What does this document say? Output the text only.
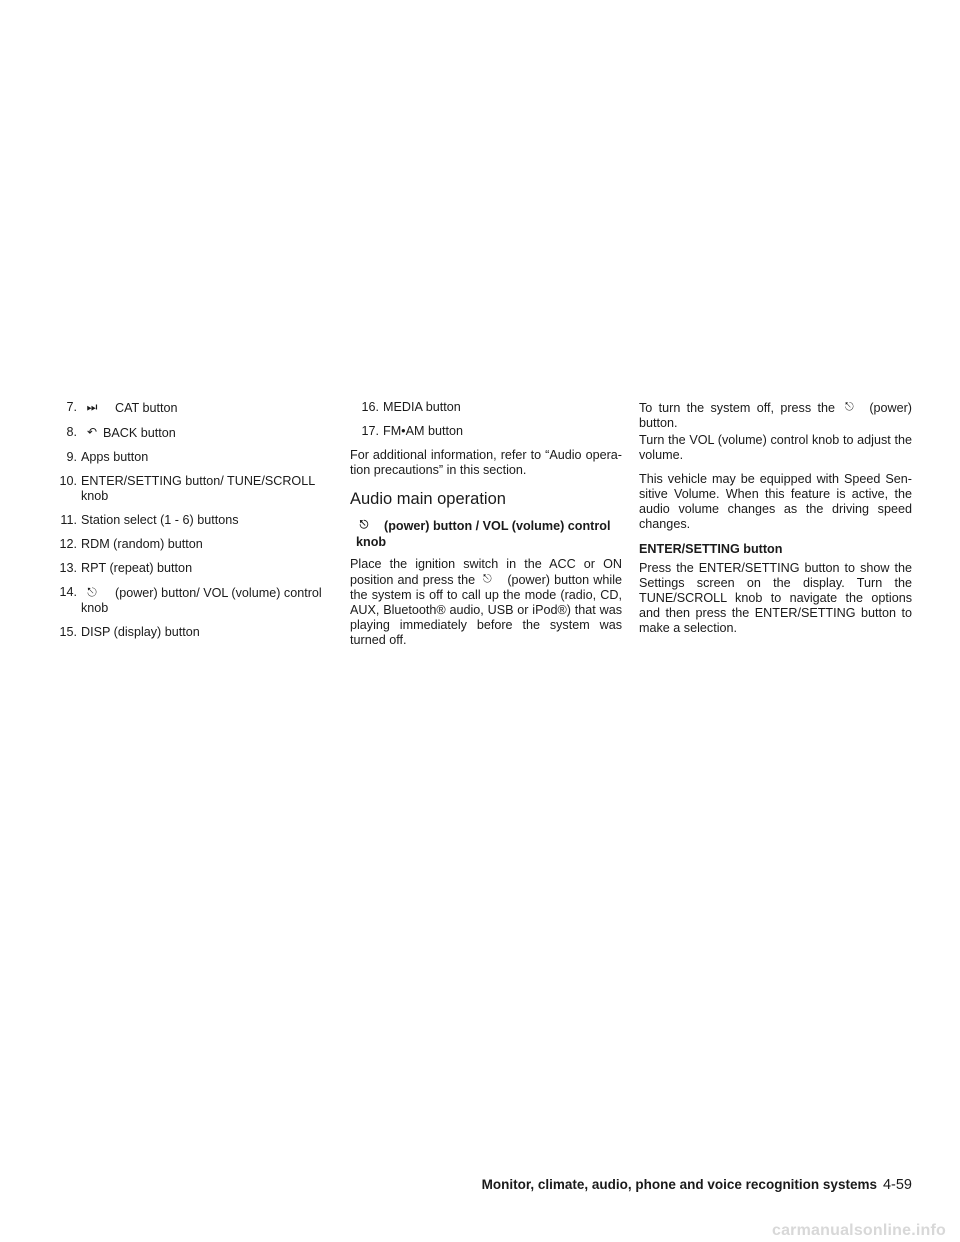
7. ⏭ CAT button
8. ↶ BACK button
9. Apps button
10. ENTER/SETTING button/ TUNE/SCROLL knob
11. Station select (1 - 6) buttons
12. RDM (random) button
13. RPT (repeat) button
14. ⎋ (power) button/ VOL (volume) control knob
15. DISP (display) button
16. MEDIA button
17. FM•AM button

For additional information, refer to “Audio opera- tion precautions” in this section.

Audio main operation
⎋ (power) button / VOL (volume) control knob

Place the ignition switch in the ACC or ON position and press the ⎋ (power) button while the system is off to call up the mode (radio, CD, AUX, Bluetooth® audio, USB or iPod®) that was playing immediately before the system was turned off.

To turn the system off, press the ⎋ (power) button.

Turn the VOL (volume) control knob to adjust the volume.

This vehicle may be equipped with Speed Sen- sitive Volume. When this feature is active, the audio volume changes as the driving speed changes.

ENTER/SETTING button

Press the ENTER/SETTING button to show the Settings screen on the display. Turn the TUNE/SCROLL knob to navigate the options and then press the ENTER/SETTING button to make a selection.

Monitor, climate, audio, phone and voice recognition systems 4-59
carmanualsonline.info
